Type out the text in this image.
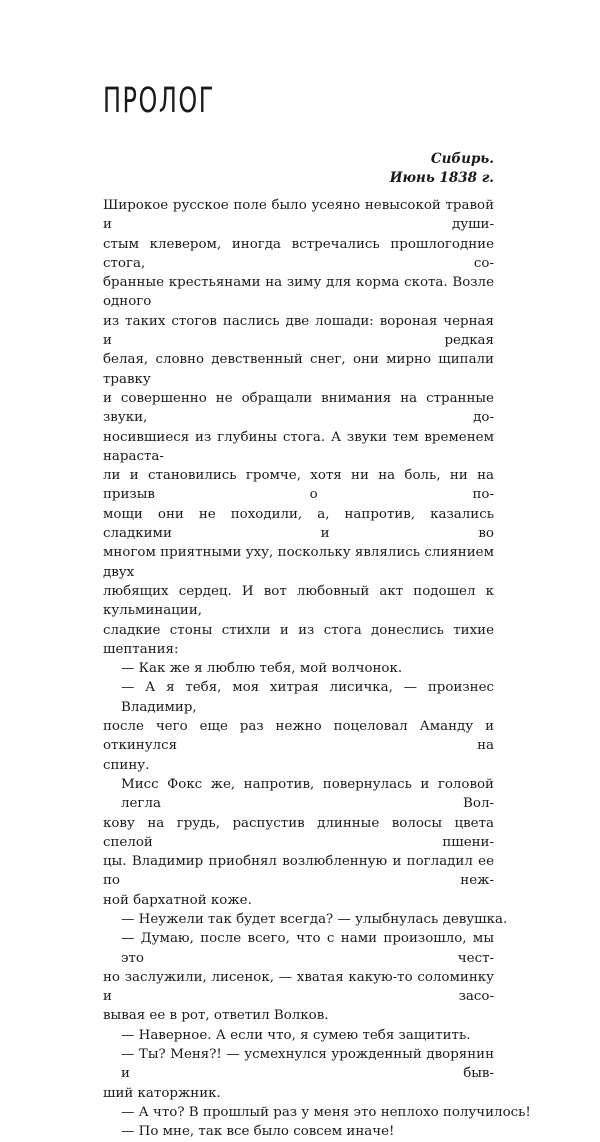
ПРОЛОГ
Сибирь.
Июнь 1838 г.
Широкое русское поле было усеяно невысокой травой и души-
стым клевером, иногда встречались прошлогодние стога, со-
бранные крестьянами на зиму для корма скота. Возле одного
из таких стогов паслись две лошади: вороная черная и редкая
белая, словно девственный снег, они мирно щипали травку
и совершенно не обращали внимания на странные звуки, до-
носившиеся из глубины стога. А звуки тем временем нараста-
ли и становились громче, хотя ни на боль, ни на призыв о по-
мощи они не походили, а, напротив, казались сладкими и во
многом приятными уху, поскольку являлись слиянием двух
любящих сердец. И вот любовный акт подошел к кульминации,
сладкие стоны стихли и из стога донеслись тихие шептания:
— Как же я люблю тебя, мой волчонок.
— А я тебя, моя хитрая лисичка, — произнес Владимир,
после чего еще раз нежно поцеловал Аманду и откинулся на
спину.
Мисс Фокс же, напротив, повернулась и головой легла Вол-
кову на грудь, распустив длинные волосы цвета спелой пшени-
цы. Владимир приобнял возлюбленную и погладил ее по неж-
ной бархатной коже.
— Неужели так будет всегда? — улыбнулась девушка.
— Думаю, после всего, что с нами произошло, мы это чест-
но заслужили, лисенок, — хватая какую-то соломинку и засо-
вывая ее в рот, ответил Волков.
— Наверное. А если что, я сумею тебя защитить.
— Ты? Меня?! — усмехнулся урожденный дворянин и быв-
ший каторжник.
— А что? В прошлый раз у меня это неплохо получилось!
— По мне, так все было совсем иначе!
